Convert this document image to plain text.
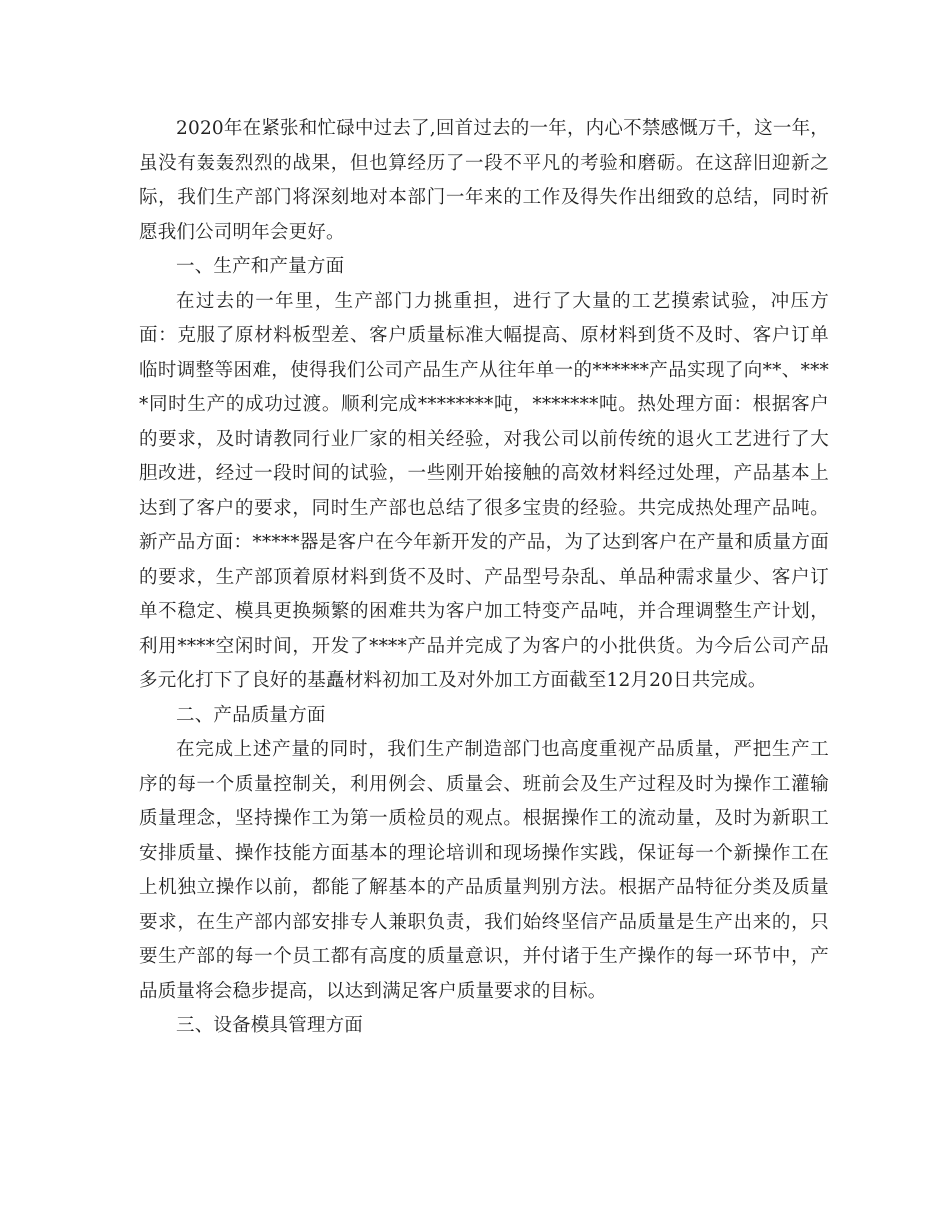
2020年在紧张和忙碌中过去了,回首过去的一年，内心不禁感慨万千，这一年，虽没有轰轰烈烈的战果，但也算经历了一段不平凡的考验和磨砺。在这辞旧迎新之际，我们生产部门将深刻地对本部门一年来的工作及得失作出细致的总结，同时祈愿我们公司明年会更好。

一、生产和产量方面

在过去的一年里，生产部门力挑重担，进行了大量的工艺摸索试验，冲压方面：克服了原材料板型差、客户质量标准大幅提高、原材料到货不及时、客户订单临时调整等困难，使得我们公司产品生产从往年单一的******产品实现了向**、****同时生产的成功过渡。顺利完成********吨，*******吨。热处理方面：根据客户的要求，及时请教同行业厂家的相关经验，对我公司以前传统的退火工艺进行了大胆改进，经过一段时间的试验，一些刚开始接触的高效材料经过处理，产品基本上达到了客户的要求，同时生产部也总结了很多宝贵的经验。共完成热处理产品吨。新产品方面：*****器是客户在今年新开发的产品，为了达到客户在产量和质量方面的要求，生产部顶着原材料到货不及时、产品型号杂乱、单品种需求量少、客户订单不稳定、模具更换频繁的困难共为客户加工特变产品吨，并合理调整生产计划，利用****空闲时间，开发了****产品并完成了为客户的小批供货。为今后公司产品多元化打下了良好的基矗材料初加工及对外加工方面截至12月20日共完成。

二、产品质量方面

在完成上述产量的同时，我们生产制造部门也高度重视产品质量，严把生产工序的每一个质量控制关，利用例会、质量会、班前会及生产过程及时为操作工灌输质量理念，坚持操作工为第一质检员的观点。根据操作工的流动量，及时为新职工安排质量、操作技能方面基本的理论培训和现场操作实践，保证每一个新操作工在上机独立操作以前，都能了解基本的产品质量判别方法。根据产品特征分类及质量要求，在生产部内部安排专人兼职负责，我们始终坚信产品质量是生产出来的，只要生产部的每一个员工都有高度的质量意识，并付诸于生产操作的每一环节中，产品质量将会稳步提高，以达到满足客户质量要求的目标。

三、设备模具管理方面
